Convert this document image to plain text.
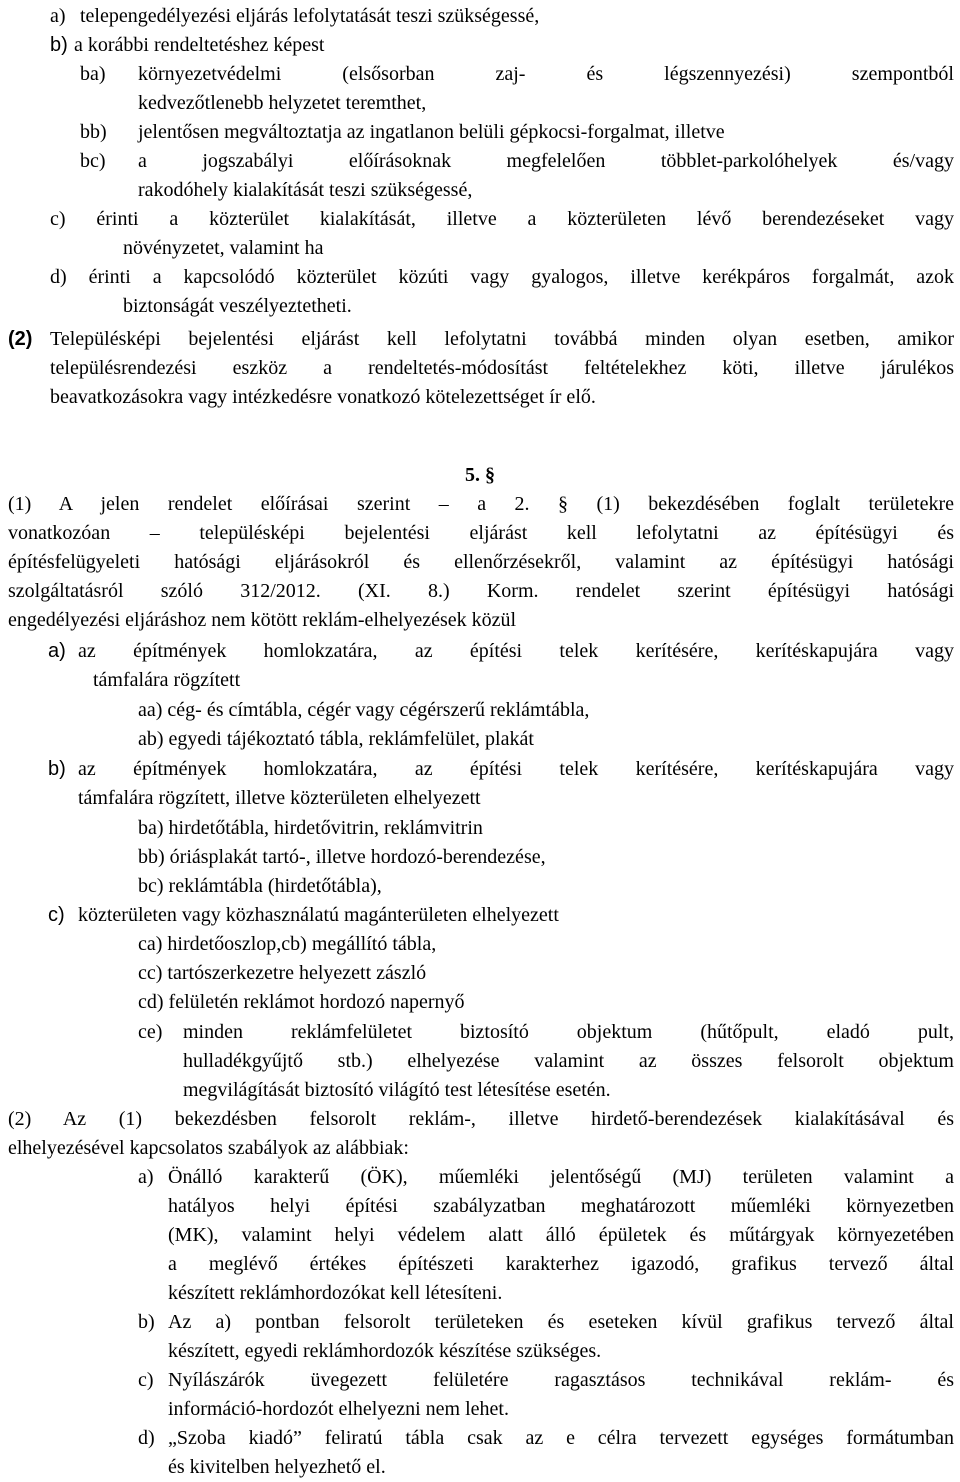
a) telepengedélyezési eljárás lefolytatását teszi szükségessé,
b) a korábbi rendeltetéshez képest
ba) környezetvédelmi (elsősorban zaj- és légszennyezési) szempontból
kedvezőtlenebb helyzetet teremthet,
bb) jelentősen megváltoztatja az ingatlanon belüli gépkocsi-forgalmat, illetve
bc) a jogszabályi előírásoknak megfelelően többlet-parkolóhelyek és/vagy
rakodóhely kialakítását teszi szükségessé,
c) érinti a közterület kialakítását, illetve a közterületen lévő berendezéseket vagy
növényzetet, valamint ha
d) érinti a kapcsolódó közterület közúti vagy gyalogos, illetve kerékpáros forgalmát, azok
biztonságát veszélyeztetheti.
(2) Településképi bejelentési eljárást kell lefolytatni továbbá minden olyan esetben, amikor
településrendezési eszköz a rendeltetés-módosítást feltételekhez köti, illetve járulékos
beavatkozásokra vagy intézkedésre vonatkozó kötelezettséget ír elő.
5. §
(1) A jelen rendelet előírásai szerint – a 2. § (1) bekezdésében foglalt területekre
vonatkozóan – településképi bejelentési eljárást kell lefolytatni az építésügyi és
építésfelügyeleti hatósági eljárásokról és ellenőrzésekről, valamint az építésügyi hatósági
szolgáltatásról szóló 312/2012. (XI. 8.) Korm. rendelet szerint építésügyi hatósági
engedélyezési eljáráshoz nem kötött reklám-elhelyezések közül
a) az építmények homlokzatára, az építési telek kerítésére, kerítéskapujára vagy
támfalára rögzített
aa) cég- és címtábla, cégér vagy cégérszerű reklámtábla,
ab) egyedi tájékoztató tábla, reklámfelület, plakát
b) az építmények homlokzatára, az építési telek kerítésére, kerítéskapujára vagy
támfalára rögzített, illetve közterületen elhelyezett
ba) hirdetőtábla, hirdetővitrin, reklámvitrin
bb) óriásplakát tartó-, illetve hordozó-berendezése,
bc) reklámtábla (hirdetőtábla),
c) közterületen vagy közhasználatú magánterületen elhelyezett
ca) hirdetőoszlop,cb) megállító tábla,
cc) tartószerkezetre helyezett zászló
cd) felületén reklámot hordozó napernyő
ce) minden reklámfelületet biztosító objektum (hűtőpult, eladó pult,
hulladékgyűjtő stb.) elhelyezése valamint az összes felsorolt objektum
megvilágítását biztosító világító test létesítése esetén.
(2) Az (1) bekezdésben felsorolt reklám-, illetve hirdető-berendezések kialakításával és
elhelyezésével kapcsolatos szabályok az alábbiak:
a) Önálló karakterű (ÖK), műemléki jelentőségű (MJ) területen valamint a
hatályos helyi építési szabályzatban meghatározott műemléki környezetben
(MK), valamint helyi védelem alatt álló épületek és műtárgyak környezetében
a meglévő értékes építészeti karakterhez igazodó, grafikus tervező által
készített reklámhordozókat kell létesíteni.
b) Az a) pontban felsorolt területeken és eseteken kívül grafikus tervező által
készített, egyedi reklámhordozók készítése szükséges.
c) Nyílászárók üvegezett felületére ragasztásos technikával reklám- és
információ-hordozót elhelyezni nem lehet.
d) „Szoba kiadó” feliratú tábla csak az e célra tervezett egységes formátumban
és kivitelben helyezhető el.
